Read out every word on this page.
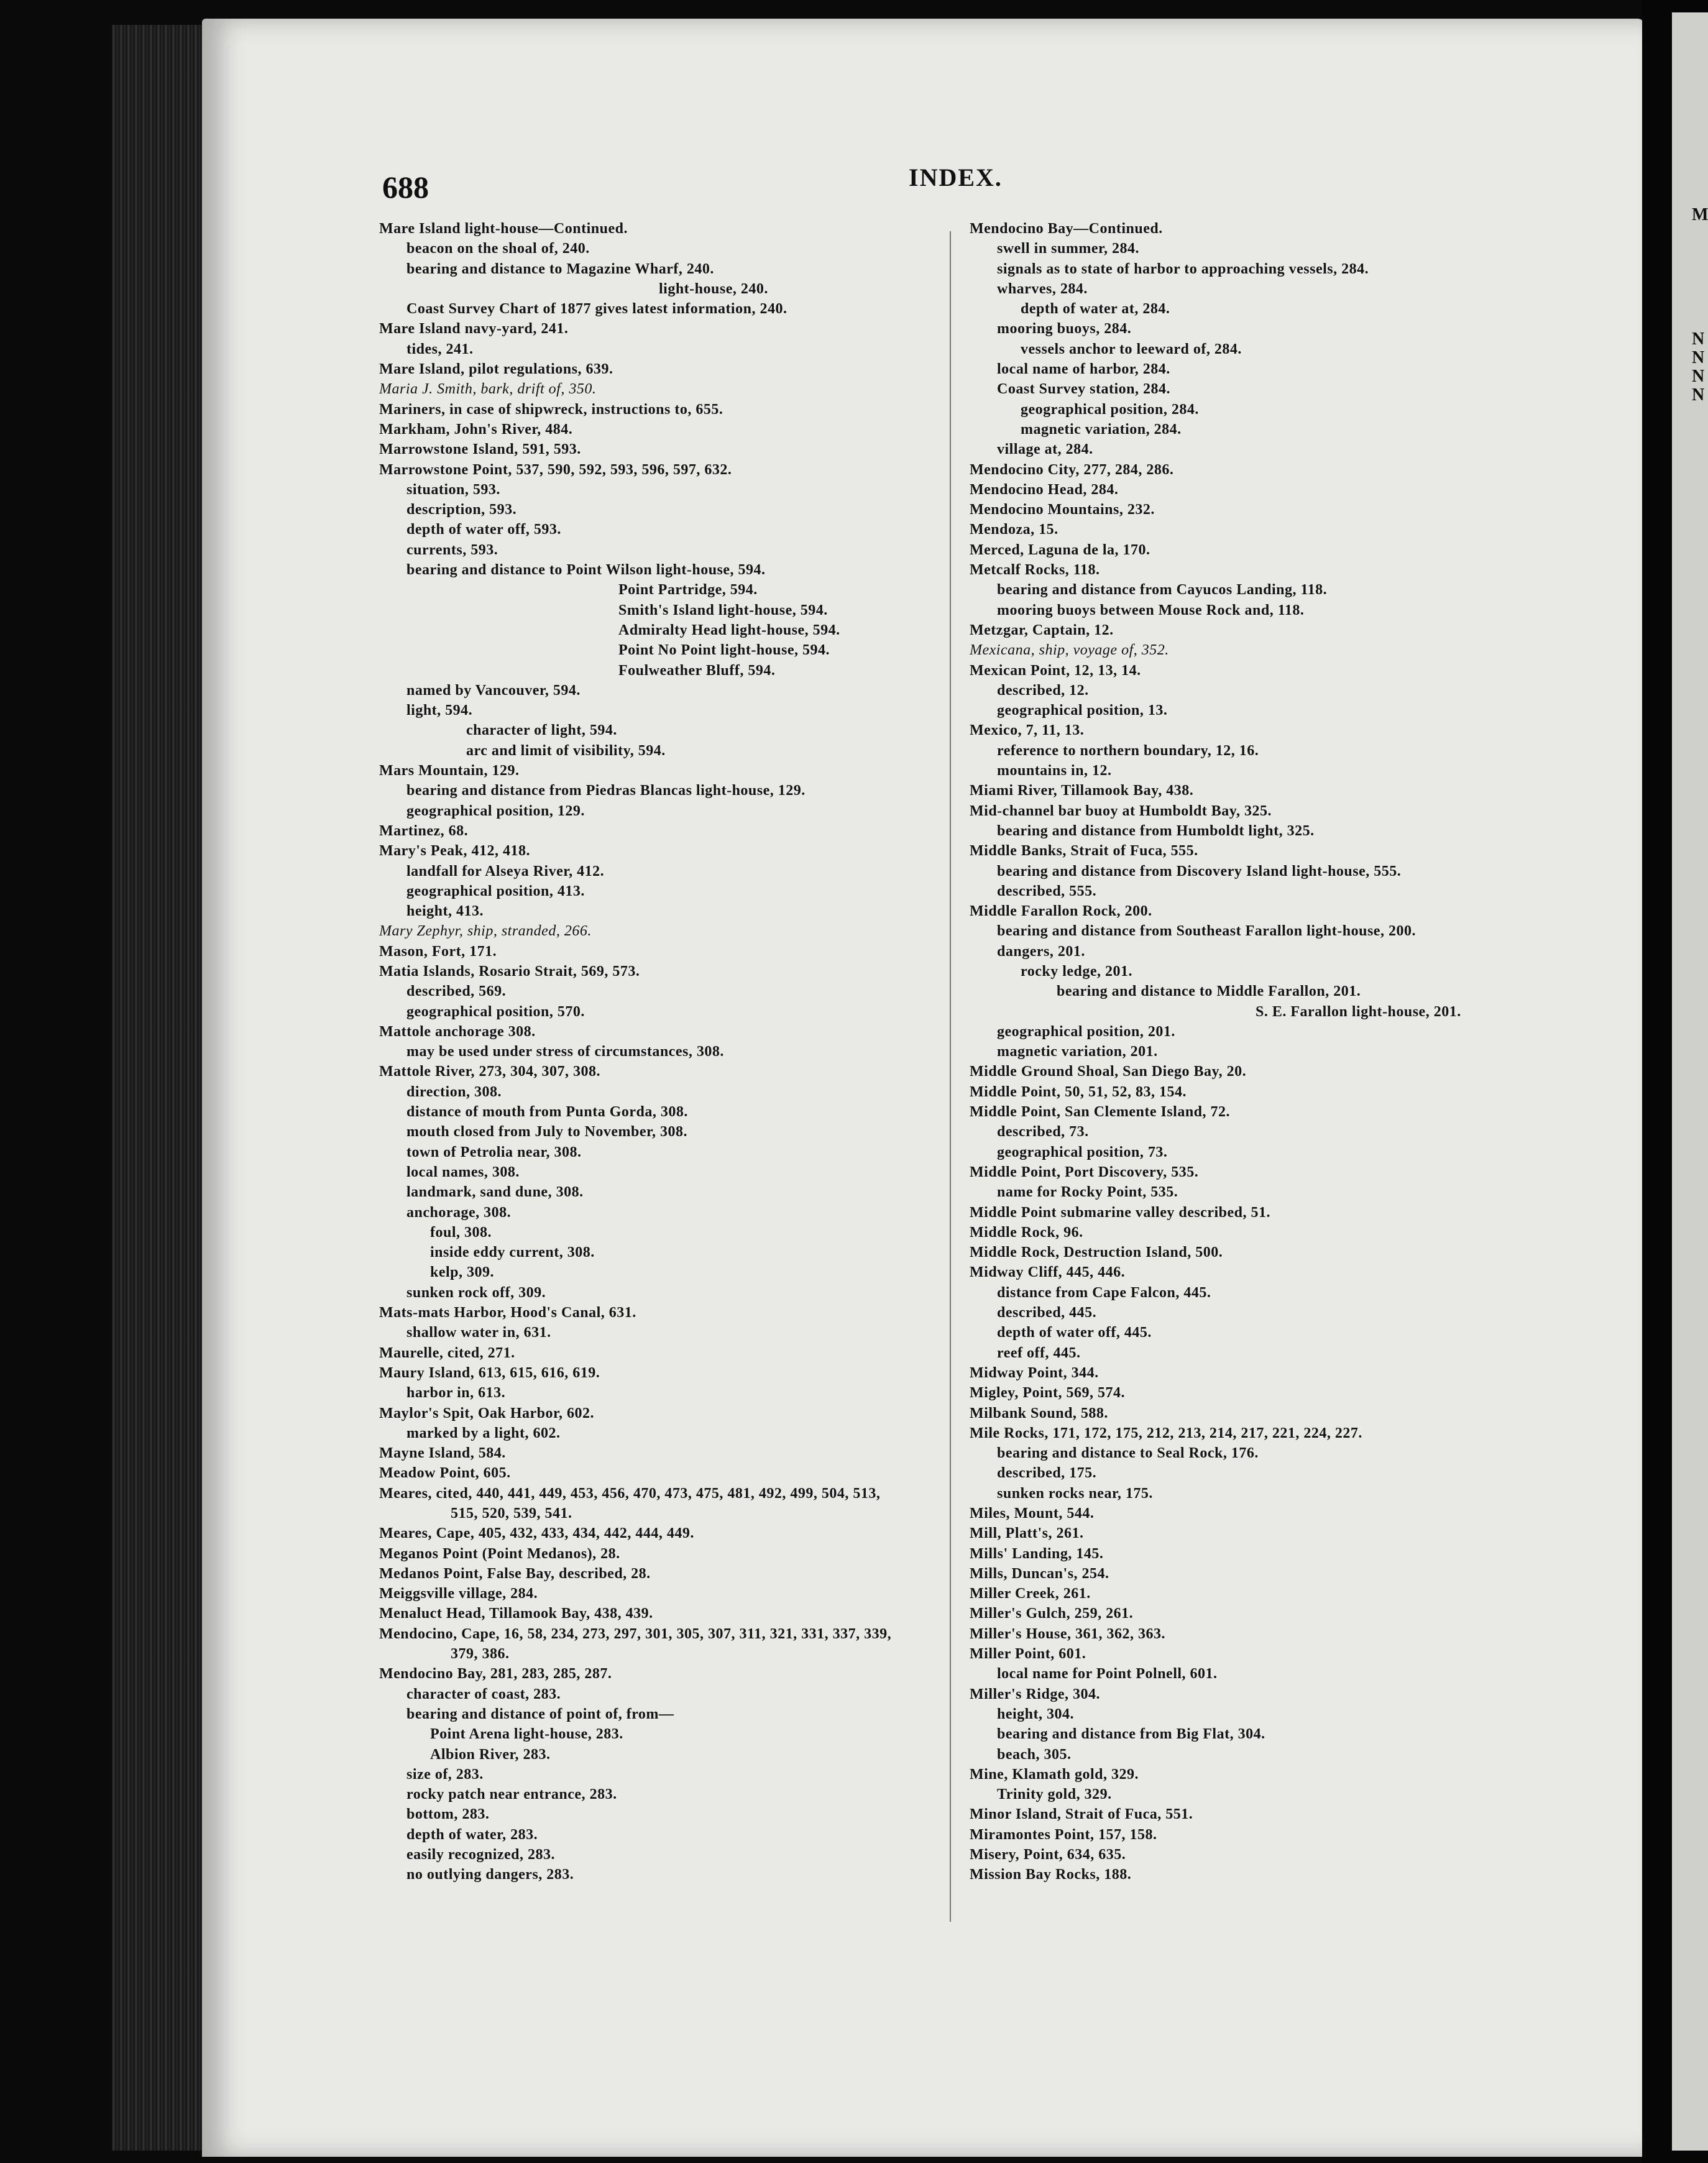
M
N
N
N
N
688	INDEX.
Mare Island light-house—Continued.
beacon on the shoal of, 240.
bearing and distance to Magazine Wharf, 240.
light-house, 240.
Coast Survey Chart of 1877 gives latest information, 240.
Mare Island navy-yard, 241.
tides, 241.
Mare Island, pilot regulations, 639.
Maria J. Smith, bark, drift of, 350.
Mariners, in case of shipwreck, instructions to, 655.
Markham, John's River, 484.
Marrowstone Island, 591, 593.
Marrowstone Point, 537, 590, 592, 593, 596, 597, 632.
situation, 593.
description, 593.
depth of water off, 593.
currents, 593.
bearing and distance to Point Wilson light-house, 594.
Point Partridge, 594.
Smith's Island light-house, 594.
Admiralty Head light-house, 594.
Point No Point light-house, 594.
Foulweather Bluff, 594.
named by Vancouver, 594.
light, 594.
character of light, 594.
arc and limit of visibility, 594.
Mars Mountain, 129.
bearing and distance from Piedras Blancas light-house, 129.
geographical position, 129.
Martinez, 68.
Mary's Peak, 412, 418.
landfall for Alseya River, 412.
geographical position, 413.
height, 413.
Mary Zephyr, ship, stranded, 266.
Mason, Fort, 171.
Matia Islands, Rosario Strait, 569, 573.
described, 569.
geographical position, 570.
Mattole anchorage 308.
may be used under stress of circumstances, 308.
Mattole River, 273, 304, 307, 308.
direction, 308.
distance of mouth from Punta Gorda, 308.
mouth closed from July to November, 308.
town of Petrolia near, 308.
local names, 308.
landmark, sand dune, 308.
anchorage, 308.
foul, 308.
inside eddy current, 308.
kelp, 309.
sunken rock off, 309.
Mats-mats Harbor, Hood's Canal, 631.
shallow water in, 631.
Maurelle, cited, 271.
Maury Island, 613, 615, 616, 619.
harbor in, 613.
Maylor's Spit, Oak Harbor, 602.
marked by a light, 602.
Mayne Island, 584.
Meadow Point, 605.
Meares, cited, 440, 441, 449, 453, 456, 470, 473, 475, 481, 492, 499, 504, 513,
515, 520, 539, 541.
Meares, Cape, 405, 432, 433, 434, 442, 444, 449.
Meganos Point (Point Medanos), 28.
Medanos Point, False Bay, described, 28.
Meiggsville village, 284.
Menaluct Head, Tillamook Bay, 438, 439.
Mendocino, Cape, 16, 58, 234, 273, 297, 301, 305, 307, 311, 321, 331, 337, 339,
379, 386.
Mendocino Bay, 281, 283, 285, 287.
character of coast, 283.
bearing and distance of point of, from—
Point Arena light-house, 283.
Albion River, 283.
size of, 283.
rocky patch near entrance, 283.
bottom, 283.
depth of water, 283.
easily recognized, 283.
no outlying dangers, 283.
Mendocino Bay—Continued.
swell in summer, 284.
signals as to state of harbor to approaching vessels, 284.
wharves, 284.
depth of water at, 284.
mooring buoys, 284.
vessels anchor to leeward of, 284.
local name of harbor, 284.
Coast Survey station, 284.
geographical position, 284.
magnetic variation, 284.
village at, 284.
Mendocino City, 277, 284, 286.
Mendocino Head, 284.
Mendocino Mountains, 232.
Mendoza, 15.
Merced, Laguna de la, 170.
Metcalf Rocks, 118.
bearing and distance from Cayucos Landing, 118.
mooring buoys between Mouse Rock and, 118.
Metzgar, Captain, 12.
Mexicana, ship, voyage of, 352.
Mexican Point, 12, 13, 14.
described, 12.
geographical position, 13.
Mexico, 7, 11, 13.
reference to northern boundary, 12, 16.
mountains in, 12.
Miami River, Tillamook Bay, 438.
Mid-channel bar buoy at Humboldt Bay, 325.
bearing and distance from Humboldt light, 325.
Middle Banks, Strait of Fuca, 555.
bearing and distance from Discovery Island light-house, 555.
described, 555.
Middle Farallon Rock, 200.
bearing and distance from Southeast Farallon light-house, 200.
dangers, 201.
rocky ledge, 201.
bearing and distance to Middle Farallon, 201.
S. E. Farallon light-house, 201.
geographical position, 201.
magnetic variation, 201.
Middle Ground Shoal, San Diego Bay, 20.
Middle Point, 50, 51, 52, 83, 154.
Middle Point, San Clemente Island, 72.
described, 73.
geographical position, 73.
Middle Point, Port Discovery, 535.
name for Rocky Point, 535.
Middle Point submarine valley described, 51.
Middle Rock, 96.
Middle Rock, Destruction Island, 500.
Midway Cliff, 445, 446.
distance from Cape Falcon, 445.
described, 445.
depth of water off, 445.
reef off, 445.
Midway Point, 344.
Migley, Point, 569, 574.
Milbank Sound, 588.
Mile Rocks, 171, 172, 175, 212, 213, 214, 217, 221, 224, 227.
bearing and distance to Seal Rock, 176.
described, 175.
sunken rocks near, 175.
Miles, Mount, 544.
Mill, Platt's, 261.
Mills' Landing, 145.
Mills, Duncan's, 254.
Miller Creek, 261.
Miller's Gulch, 259, 261.
Miller's House, 361, 362, 363.
Miller Point, 601.
local name for Point Polnell, 601.
Miller's Ridge, 304.
height, 304.
bearing and distance from Big Flat, 304.
beach, 305.
Mine, Klamath gold, 329.
Trinity gold, 329.
Minor Island, Strait of Fuca, 551.
Miramontes Point, 157, 158.
Misery, Point, 634, 635.
Mission Bay Rocks, 188.
